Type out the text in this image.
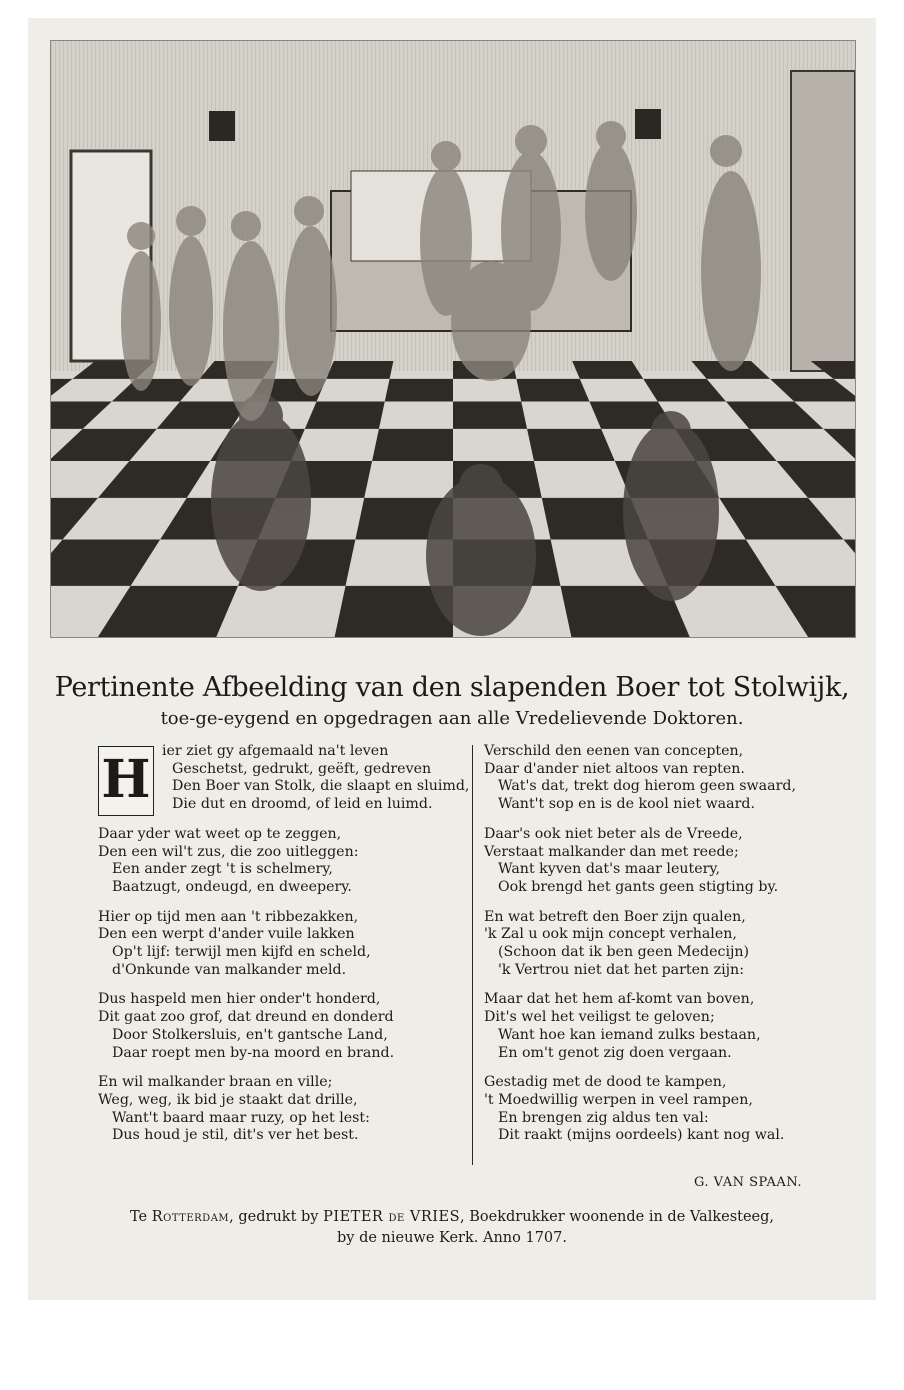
Pertinente Afbeelding van den slapenden Boer tot Stolwijk,
toe-ge-eygend en opgedragen aan alle Vredelievende Doktoren.
H ier ziet gy afgemaald na't leven
Geschetst, gedrukt, geëft, gedreven
Den Boer van Stolk, die slaapt en sluimd,
Die dut en droomd, of leid en luimd.
Daar yder wat weet op te zeggen,
Den een wil't zus, die zoo uitleggen:
Een ander zegt 't is schelmery,
Baatzugt, ondeugd, en dweepery.
Hier op tijd men aan 't ribbezakken,
Den een werpt d'ander vuile lakken
Op't lijf: terwijl men kijfd en scheld,
d'Onkunde van malkander meld.
Dus haspeld men hier onder't honderd,
Dit gaat zoo grof, dat dreund en donderd
Door Stolkersluis, en't gantsche Land,
Daar roept men by-na moord en brand.
En wil malkander braan en ville;
Weg, weg, ik bid je staakt dat drille,
Want't baard maar ruzy, op het lest:
Dus houd je stil, dit's ver het best.
Verschild den eenen van concepten,
Daar d'ander niet altoos van repten.
Wat's dat, trekt dog hierom geen swaard,
Want't sop en is de kool niet waard.
Daar's ook niet beter als de Vreede,
Verstaat malkander dan met reede;
Want kyven dat's maar leutery,
Ook brengd het gants geen stigting by.
En wat betreft den Boer zijn qualen,
'k Zal u ook mijn concept verhalen,
(Schoon dat ik ben geen Medecijn)
'k Vertrou niet dat het parten zijn:
Maar dat het hem af-komt van boven,
Dit's wel het veiligst te geloven;
Want hoe kan iemand zulks bestaan,
En om't genot zig doen vergaan.
Gestadig met de dood te kampen,
't Moedwillig werpen in veel rampen,
En brengen zig aldus ten val:
Dit raakt (mijns oordeels) kant nog wal.
G. VAN SPAAN.
Te Rotterdam, gedrukt by PIETER de VRIES, Boekdrukker woonende in de Valkesteeg,
by de nieuwe Kerk. Anno 1707.
